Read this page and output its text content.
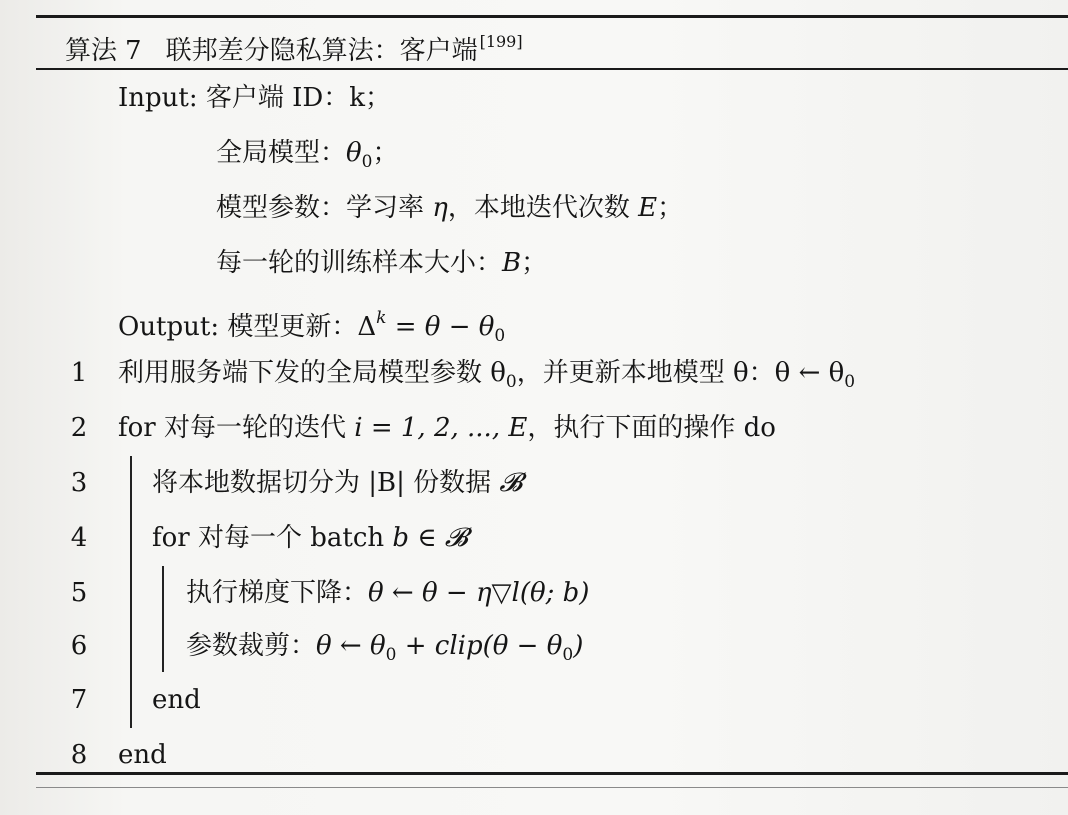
算法 7 联邦差分隐私算法：客户端 [199]
Input: 客户端 ID：k；
全局模型：$\theta_0$；
模型参数：学习率 η，本地迭代次数 E；
每一轮的训练样本大小：B；
Output: 模型更新：$\Delta^k = \theta - \theta_0$
1 利用服务端下发的全局模型参数 $\theta_0$，并更新本地模型 θ：θ ← $\theta_0$
2 for 对每一轮的迭代 i = 1, 2, ..., E，执行下面的操作 do
3 将本地数据切分为 |B| 份数据 𝓑
4 for 对每一个 batch b ∈ 𝓑
5	执行梯度下降：θ ← θ − η▽l(θ; b)
6	参数裁剪：θ ← $\theta_0$ + clip(θ − $\theta_0$)
7 end
8 end
